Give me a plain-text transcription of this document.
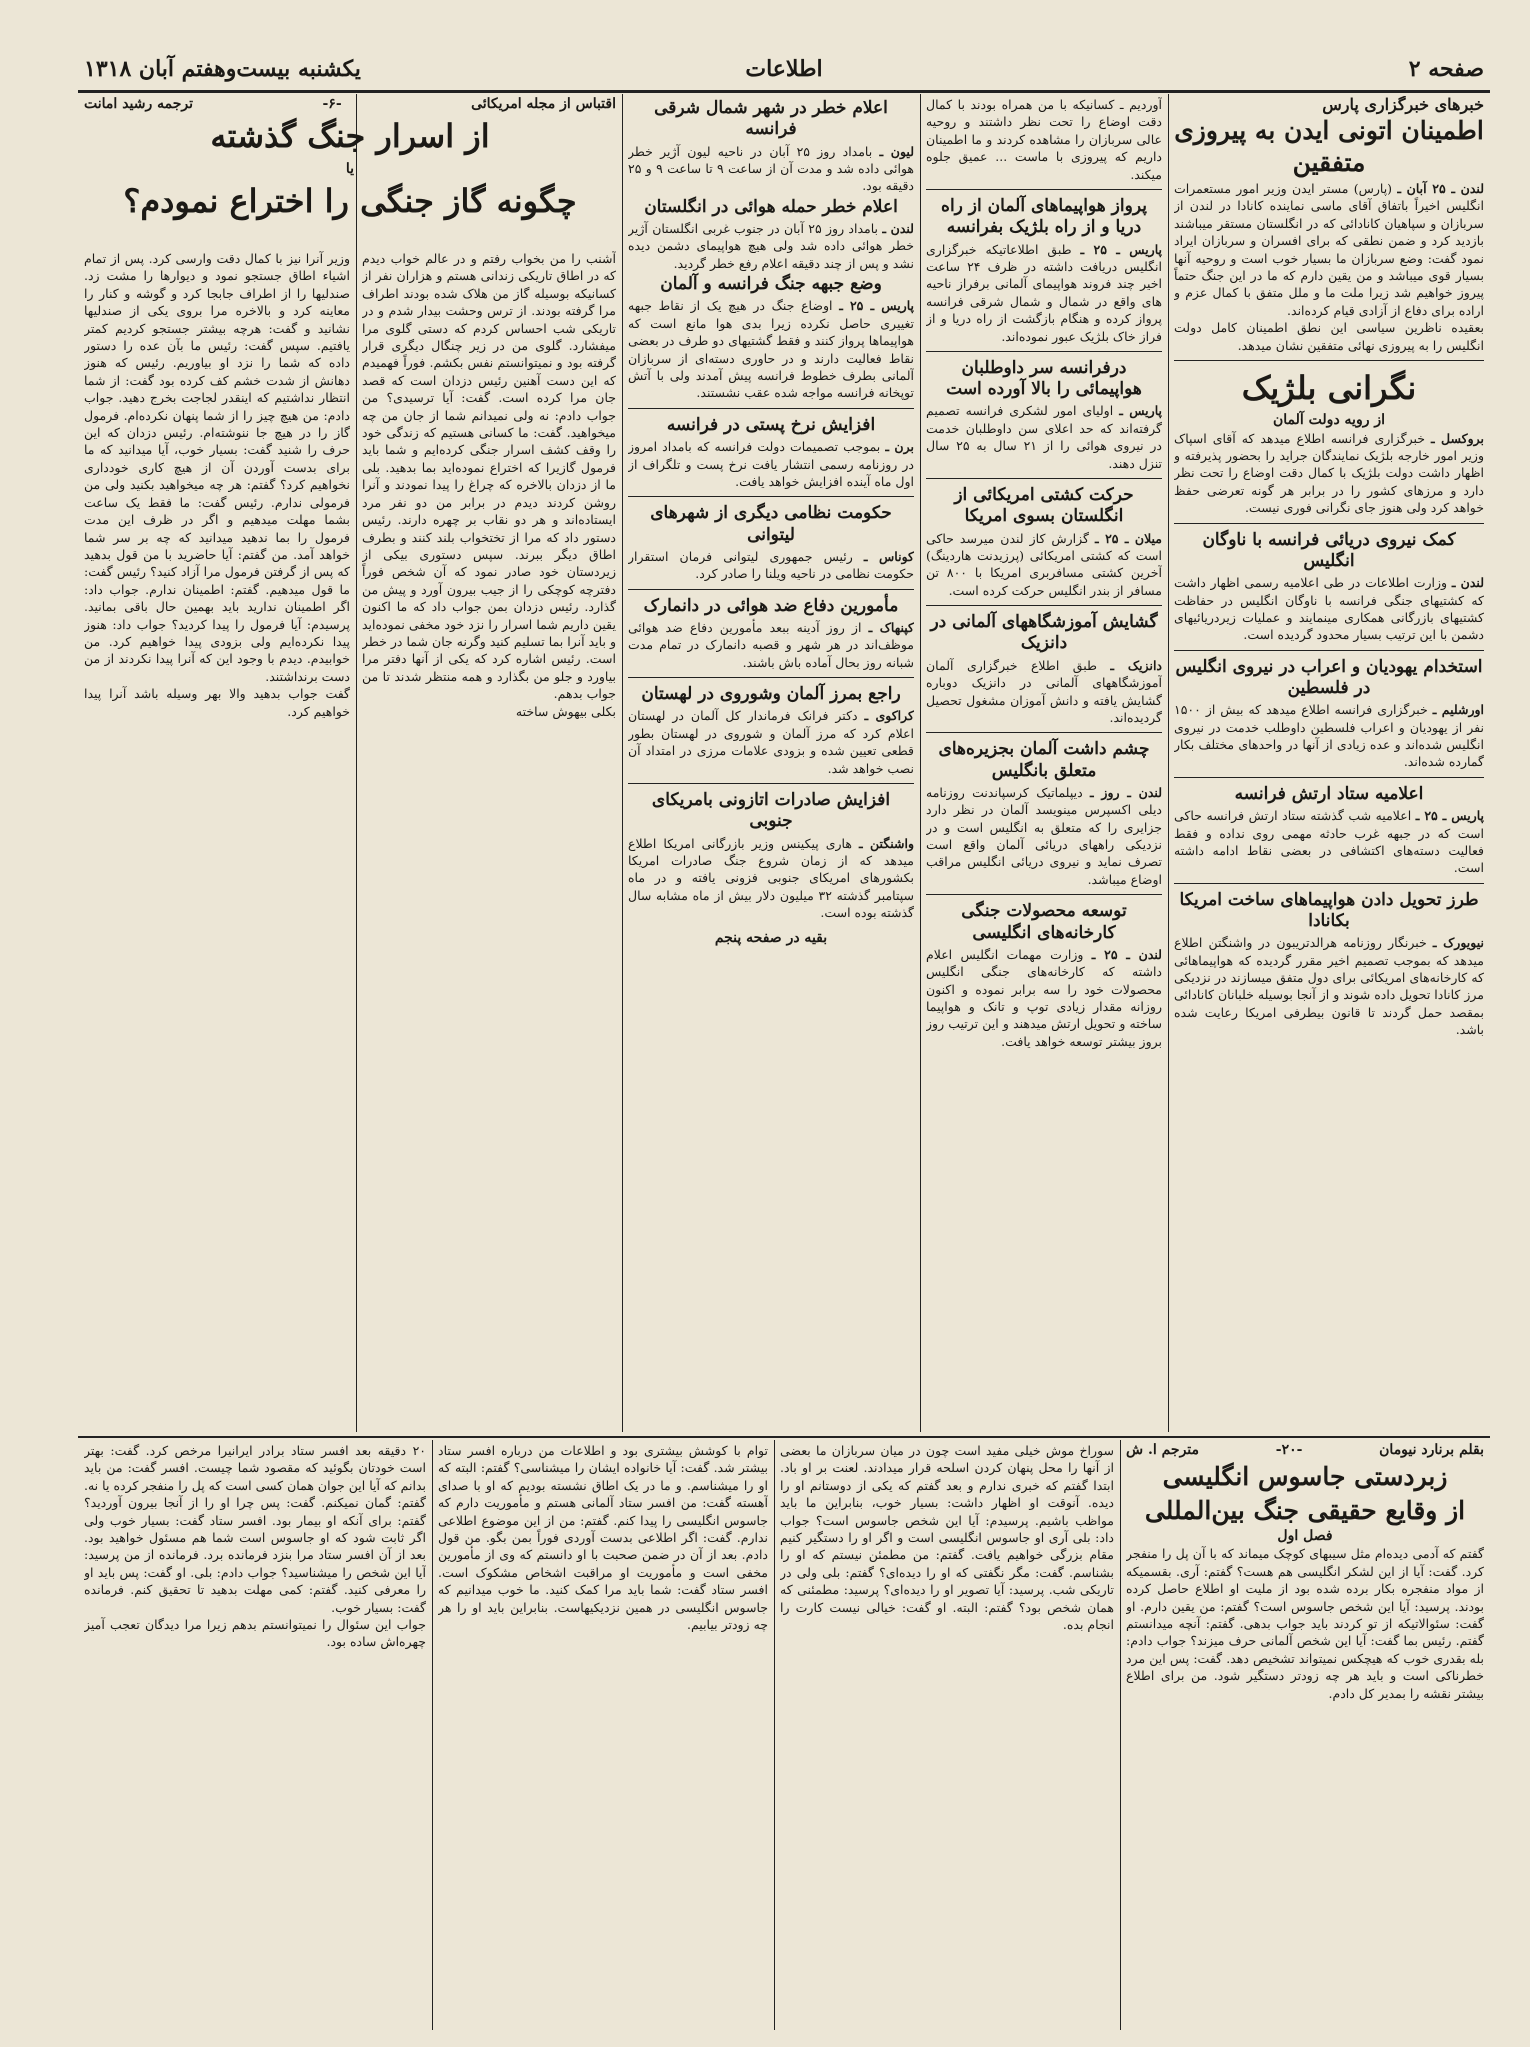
صفحه ۲
اطلاعات
یکشنبه بیست‌وهفتم آبان ۱۳۱۸

خبرهای خبرگزاری پارس

اطمینان اتونی ایدن به پیروزی متفقین

لندن ـ ۲۵ آبان ـ (پارس) مستر ایدن وزیر امور مستعمرات انگلیس اخیراً باتفاق آقای ماسی نماینده کانادا در لندن از سربازان و سپاهیان کانادائی که در انگلستان مستقر میباشند بازدید کرد و ضمن نطقی که برای افسران و سربازان ایراد نمود گفت: وضع سربازان ما بسیار خوب است و روحیه آنها بسیار قوی میباشد و من یقین دارم که ما در این جنگ حتماً پیروز خواهیم شد زیرا ملت ما و ملل متفق با کمال عزم و اراده برای دفاع از آزادی قیام کرده‌اند.

بعقیده ناظرین سیاسی این نطق اطمینان کامل دولت انگلیس را به پیروزی نهائی متفقین نشان میدهد.

نگرانی بلژیک
از رویه دولت آلمان

بروکسل ـ خبرگزاری فرانسه اطلاع میدهد که آقای اسپاک وزیر امور خارجه بلژیک نمایندگان جراید را بحضور پذیرفته و اظهار داشت دولت بلژیک با کمال دقت اوضاع را تحت نظر دارد و مرزهای کشور را در برابر هر گونه تعرضی حفظ خواهد کرد ولی هنوز جای نگرانی فوری نیست.

کمک نیروی دریائی فرانسه با ناوگان انگلیس

لندن ـ وزارت اطلاعات در طی اعلامیه رسمی اظهار داشت که کشتیهای جنگی فرانسه با ناوگان انگلیس در حفاظت کشتیهای بازرگانی همکاری مینمایند و عملیات زیردریائیهای دشمن با این ترتیب بسیار محدود گردیده است.

استخدام یهودیان و اعراب در نیروی انگلیس در فلسطین

اورشلیم ـ خبرگزاری فرانسه اطلاع میدهد که بیش از ۱۵۰۰ نفر از یهودیان و اعراب فلسطین داوطلب خدمت در نیروی انگلیس شده‌اند و عده زیادی از آنها در واحدهای مختلف بکار گمارده شده‌اند.

اعلامیه ستاد ارتش فرانسه

پاریس ـ ۲۵ ـ اعلامیه شب گذشته ستاد ارتش فرانسه حاکی است که در جبهه غرب حادثه مهمی روی نداده و فقط فعالیت دسته‌های اکتشافی در بعضی نقاط ادامه داشته است.

طرز تحویل دادن هواپیماهای ساخت امریکا بکانادا

نیویورک ـ خبرنگار روزنامه هرالدتریبون در واشنگتن اطلاع میدهد که بموجب تصمیم اخیر مقرر گردیده که هواپیماهائی که کارخانه‌های امریکائی برای دول متفق میسازند در نزدیکی مرز کانادا تحویل داده شوند و از آنجا بوسیله خلبانان کانادائی بمقصد حمل گردند تا قانون بیطرفی امریکا رعایت شده باشد.

آوردیم ـ کسانیکه با من همراه بودند با کمال دقت اوضاع را تحت نظر داشتند و روحیه عالی سربازان را مشاهده کردند و ما اطمینان داریم که پیروزی با ماست ... عمیق جلوه میکند.

پرواز هواپیماهای آلمان از راه دریا و از راه بلژیک بفرانسه

پاریس ـ ۲۵ ـ طبق اطلاعاتیکه خبرگزاری انگلیس دریافت داشته در ظرف ۲۴ ساعت اخیر چند فروند هواپیمای آلمانی برفراز ناحیه های واقع در شمال و شمال شرقی فرانسه پرواز کرده و هنگام بازگشت از راه دریا و از فراز خاک بلژیک عبور نموده‌اند.

درفرانسه سر داوطلبان هواپیمائی را بالا آورده است

پاریس ـ اولیای امور لشکری فرانسه تصمیم گرفته‌اند که حد اعلای سن داوطلبان خدمت در نیروی هوائی را از ۲۱ سال به ۲۵ سال تنزل دهند.

حرکت کشتی امریکائی از انگلستان بسوی امریکا

میلان ـ ۲۵ ـ گزارش کاز لندن میرسد حاکی است که کشتی امریکائی (پرزیدنت هاردینگ) آخرین کشتی مسافربری امریکا با ۸۰۰ تن مسافر از بندر انگلیس حرکت کرده است.

گشایش آموزشگاههای آلمانی در دانزیک

دانزیک ـ طبق اطلاع خبرگزاری آلمان آموزشگاههای آلمانی در دانزیک دوباره گشایش یافته و دانش آموزان مشغول تحصیل گردیده‌اند.

چشم داشت آلمان بجزیره‌های متعلق بانگلیس

لندن ـ روز ـ دیپلماتیک کرسپاندنت روزنامه دیلی اکسپرس مینویسد آلمان در نظر دارد جزایری را که متعلق به انگلیس است و در نزدیکی راههای دریائی آلمان واقع است تصرف نماید و نیروی دریائی انگلیس مراقب اوضاع میباشد.

توسعه محصولات جنگی کارخانه‌های انگلیسی

لندن ـ ۲۵ ـ وزارت مهمات انگلیس اعلام داشته که کارخانه‌های جنگی انگلیس محصولات خود را سه برابر نموده و اکنون روزانه مقدار زیادی توپ و تانک و هواپیما ساخته و تحویل ارتش میدهند و این ترتیب روز بروز بیشتر توسعه خواهد یافت.

اعلام خطر در شهر شمال شرقی فرانسه

لیون ـ بامداد روز ۲۵ آبان در ناحیه لیون آژیر خطر هوائی داده شد و مدت آن از ساعت ۹ تا ساعت ۹ و ۲۵ دقیقه بود.

اعلام خطر حمله هوائی در انگلستان

لندن ـ بامداد روز ۲۵ آبان در جنوب غربی انگلستان آژیر خطر هوائی داده شد ولی هیچ هواپیمای دشمن دیده نشد و پس از چند دقیقه اعلام رفع خطر گردید.

وضع جبهه جنگ فرانسه و آلمان

پاریس ـ ۲۵ ـ اوضاع جنگ در هیچ یک از نقاط جبهه تغییری حاصل نکرده زیرا بدی هوا مانع است که هواپیماها پرواز کنند و فقط گشتیهای دو طرف در بعضی نقاط فعالیت دارند و در حاوری دسته‌ای از سربازان آلمانی بطرف خطوط فرانسه پیش آمدند ولی با آتش توپخانه فرانسه مواجه شده عقب نشستند.

افزایش نرخ پستی در فرانسه

برن ـ بموجب تصمیمات دولت فرانسه که بامداد امروز در روزنامه رسمی انتشار یافت نرخ پست و تلگراف از اول ماه آینده افزایش خواهد یافت.

حکومت نظامی دیگری از شهرهای لیتوانی

کوناس ـ رئیس جمهوری لیتوانی فرمان استقرار حکومت نظامی در ناحیه ویلنا را صادر کرد.

مأمورین دفاع ضد هوائی در دانمارک

کپنهاک ـ از روز آدینه ببعد مأمورین دفاع ضد هوائی موظف‌اند در هر شهر و قصبه دانمارک در تمام مدت شبانه روز بحال آماده باش باشند.

راجع بمرز آلمان وشوروی در لهستان

کراکوی ـ دکتر فرانک فرماندار کل آلمان در لهستان اعلام کرد که مرز آلمان و شوروی در لهستان بطور قطعی تعیین شده و بزودی علامات مرزی در امتداد آن نصب خواهد شد.

افزایش صادرات اتازونی بامریکای جنوبی

واشنگتن ـ هاری پیکینس وزیر بازرگانی امریکا اطلاع میدهد که از زمان شروع جنگ صادرات امریکا بکشورهای امریکای جنوبی فزونی یافته و در ماه سپتامبر گذشته ۳۲ میلیون دلار بیش از ماه مشابه سال گذشته بوده است.

بقیه در صفحه پنجم
اقتباس از مجله امریکائی
-۶-
ترجمه رشید امانت
از اسرار جنگ گذشته
یا
چگونه گاز جنگی را اختراع نمودم؟

آشنب را من بخواب رفتم و در عالم خواب دیدم که در اطاق تاریکی زندانی هستم و هزاران نفر از کسانیکه بوسیله گاز من هلاک شده بودند اطراف مرا گرفته بودند. از ترس وحشت بیدار شدم و در تاریکی شب احساس کردم که دستی گلوی مرا میفشارد. گلوی من در زیر چنگال دیگری قرار گرفته بود و نمیتوانستم نفس بکشم. فوراً فهمیدم که این دست آهنین رئیس دزدان است که قصد جان مرا کرده است. گفت: آیا ترسیدی؟ من جواب دادم: نه ولی نمیدانم شما از جان من چه میخواهید. گفت: ما کسانی هستیم که زندگی خود را وقف کشف اسرار جنگی کرده‌ایم و شما باید فرمول گازیرا که اختراع نموده‌اید بما بدهید. بلی ما از دزدان بالاخره که چراغ را پیدا نمودند و آنرا روشن کردند دیدم در برابر من دو نفر مرد ایستاده‌اند و هر دو نقاب بر چهره دارند. رئیس دستور داد که مرا از تختخواب بلند کنند و بطرف اطاق دیگر ببرند. سپس دستوری بیکی از زیردستان خود صادر نمود که آن شخص فوراً دفترچه کوچکی را از جیب بیرون آورد و پیش من گذارد. رئیس دزدان بمن جواب داد که ما اکنون یقین داریم شما اسرار را نزد خود مخفی نموده‌اید و باید آنرا بما تسلیم کنید وگرنه جان شما در خطر است. رئیس اشاره کرد که یکی از آنها دفتر مرا بیاورد و جلو من بگذارد و همه منتظر شدند تا من جواب بدهم.

بکلی بیهوش ساخته

وزیر آنرا نیز با کمال دقت وارسی کرد. پس از تمام اشیاء اطاق جستجو نمود و دیوارها را مشت زد. صندلیها را از اطراف جابجا کرد و گوشه و کنار را معاینه کرد و بالاخره مرا بروی یکی از صندلیها نشانید و گفت: هرچه بیشتر جستجو کردیم کمتر یافتیم. سپس گفت: رئیس ما بآن عده را دستور داده که شما را نزد او بیاوریم. رئیس که هنوز دهانش از شدت خشم کف کرده بود گفت: از شما انتظار نداشتیم که اینقدر لجاجت بخرج دهید. جواب دادم: من هیچ چیز را از شما پنهان نکرده‌ام. فرمول گاز را در هیچ جا ننوشته‌ام. رئیس دزدان که این حرف را شنید گفت: بسیار خوب، آیا میدانید که ما برای بدست آوردن آن از هیچ کاری خودداری نخواهیم کرد؟ گفتم: هر چه میخواهید بکنید ولی من فرمولی ندارم. رئیس گفت: ما فقط یک ساعت بشما مهلت میدهیم و اگر در ظرف این مدت فرمول را بما ندهید میدانید که چه بر سر شما خواهد آمد. من گفتم: آیا حاضرید با من قول بدهید که پس از گرفتن فرمول مرا آزاد کنید؟ رئیس گفت: ما قول میدهیم. گفتم: اطمینان ندارم. جواب داد: اگر اطمینان ندارید باید بهمین حال باقی بمانید. پرسیدم: آیا فرمول را پیدا کردید؟ جواب داد: هنوز پیدا نکرده‌ایم ولی بزودی پیدا خواهیم کرد. من خوابیدم. دیدم با وجود این که آنرا پیدا نکردند از من دست برنداشتند.

گفت جواب بدهید والا بهر وسیله باشد آنرا پیدا خواهیم کرد.

بقلم برنارد نیومان
-۲۰-
مترجم ا. ش
زبردستی جاسوس انگلیسی
از وقایع حقیقی جنگ بین‌المللی
فصل اول

گفتم که آدمی دیده‌ام مثل سیبهای کوچک میماند که با آن پل را منفجر کرد. گفت: آیا از این لشکر انگلیسی هم هست؟ گفتم: آری. بقسمیکه از مواد منفجره بکار برده شده بود از ملیت او اطلاع حاصل کرده بودند. پرسید: آیا این شخص جاسوس است؟ گفتم: من یقین دارم. او گفت: سئوالاتیکه از تو کردند باید جواب بدهی. گفتم: آنچه میدانستم گفتم. رئیس بما گفت: آیا این شخص آلمانی حرف میزند؟ جواب دادم: بله بقدری خوب که هیچکس نمیتواند تشخیص دهد. گفت: پس این مرد خطرناکی است و باید هر چه زودتر دستگیر شود. من برای اطلاع بیشتر نقشه را بمدیر کل دادم.

سوراخ موش خیلی مفید است چون در میان سربازان ما بعضی از آنها را محل پنهان کردن اسلحه قرار میدادند. لعنت بر او باد. ابتدا گفتم که خبری ندارم و بعد گفتم که یکی از دوستانم او را دیده. آنوقت او اظهار داشت: بسیار خوب، بنابراین ما باید مواظب باشیم. پرسیدم: آیا این شخص جاسوس است؟ جواب داد: بلی آری او جاسوس انگلیسی است و اگر او را دستگیر کنیم مقام بزرگی خواهیم یافت. گفتم: من مطمئن نیستم که او را بشناسم. گفت: مگر نگفتی که او را دیده‌ای؟ گفتم: بلی ولی در تاریکی شب. پرسید: آیا تصویر او را دیده‌ای؟ پرسید: مطمئنی که همان شخص بود؟ گفتم: البته. او گفت: خیالی نیست کارت را انجام بده.

توام با کوشش بیشتری بود و اطلاعات من درباره افسر ستاد بیشتر شد. گفت: آیا خانواده ایشان را میشناسی؟ گفتم: البته که او را میشناسم. و ما در یک اطاق نشسته بودیم که او با صدای آهسته گفت: من افسر ستاد آلمانی هستم و مأموریت دارم که جاسوس انگلیسی را پیدا کنم. گفتم: من از این موضوع اطلاعی ندارم. گفت: اگر اطلاعی بدست آوردی فوراً بمن بگو. من قول دادم. بعد از آن در ضمن صحبت با او دانستم که وی از مأمورین مخفی است و مأموریت او مراقبت اشخاص مشکوک است. افسر ستاد گفت: شما باید مرا کمک کنید. ما خوب میدانیم که جاسوس انگلیسی در همین نزدیکیهاست. بنابراین باید او را هر چه زودتر بیابیم.

۲۰ دقیقه بعد افسر ستاد برادر ایرانیرا مرخص کرد. گفت: بهتر است خودتان بگوئید که مقصود شما چیست. افسر گفت: من باید بدانم که آیا این جوان همان کسی است که پل را منفجر کرده یا نه. گفتم: گمان نمیکنم. گفت: پس چرا او را از آنجا بیرون آوردید؟ گفتم: برای آنکه او بیمار بود. افسر ستاد گفت: بسیار خوب ولی اگر ثابت شود که او جاسوس است شما هم مسئول خواهید بود. بعد از آن افسر ستاد مرا بنزد فرمانده برد. فرمانده از من پرسید: آیا این شخص را میشناسید؟ جواب دادم: بلی. او گفت: پس باید او را معرفی کنید. گفتم: کمی مهلت بدهید تا تحقیق کنم. فرمانده گفت: بسیار خوب.

جواب این سئوال را نمیتوانستم بدهم زیرا مرا دیدگان تعجب آمیز چهره‌اش ساده بود.
